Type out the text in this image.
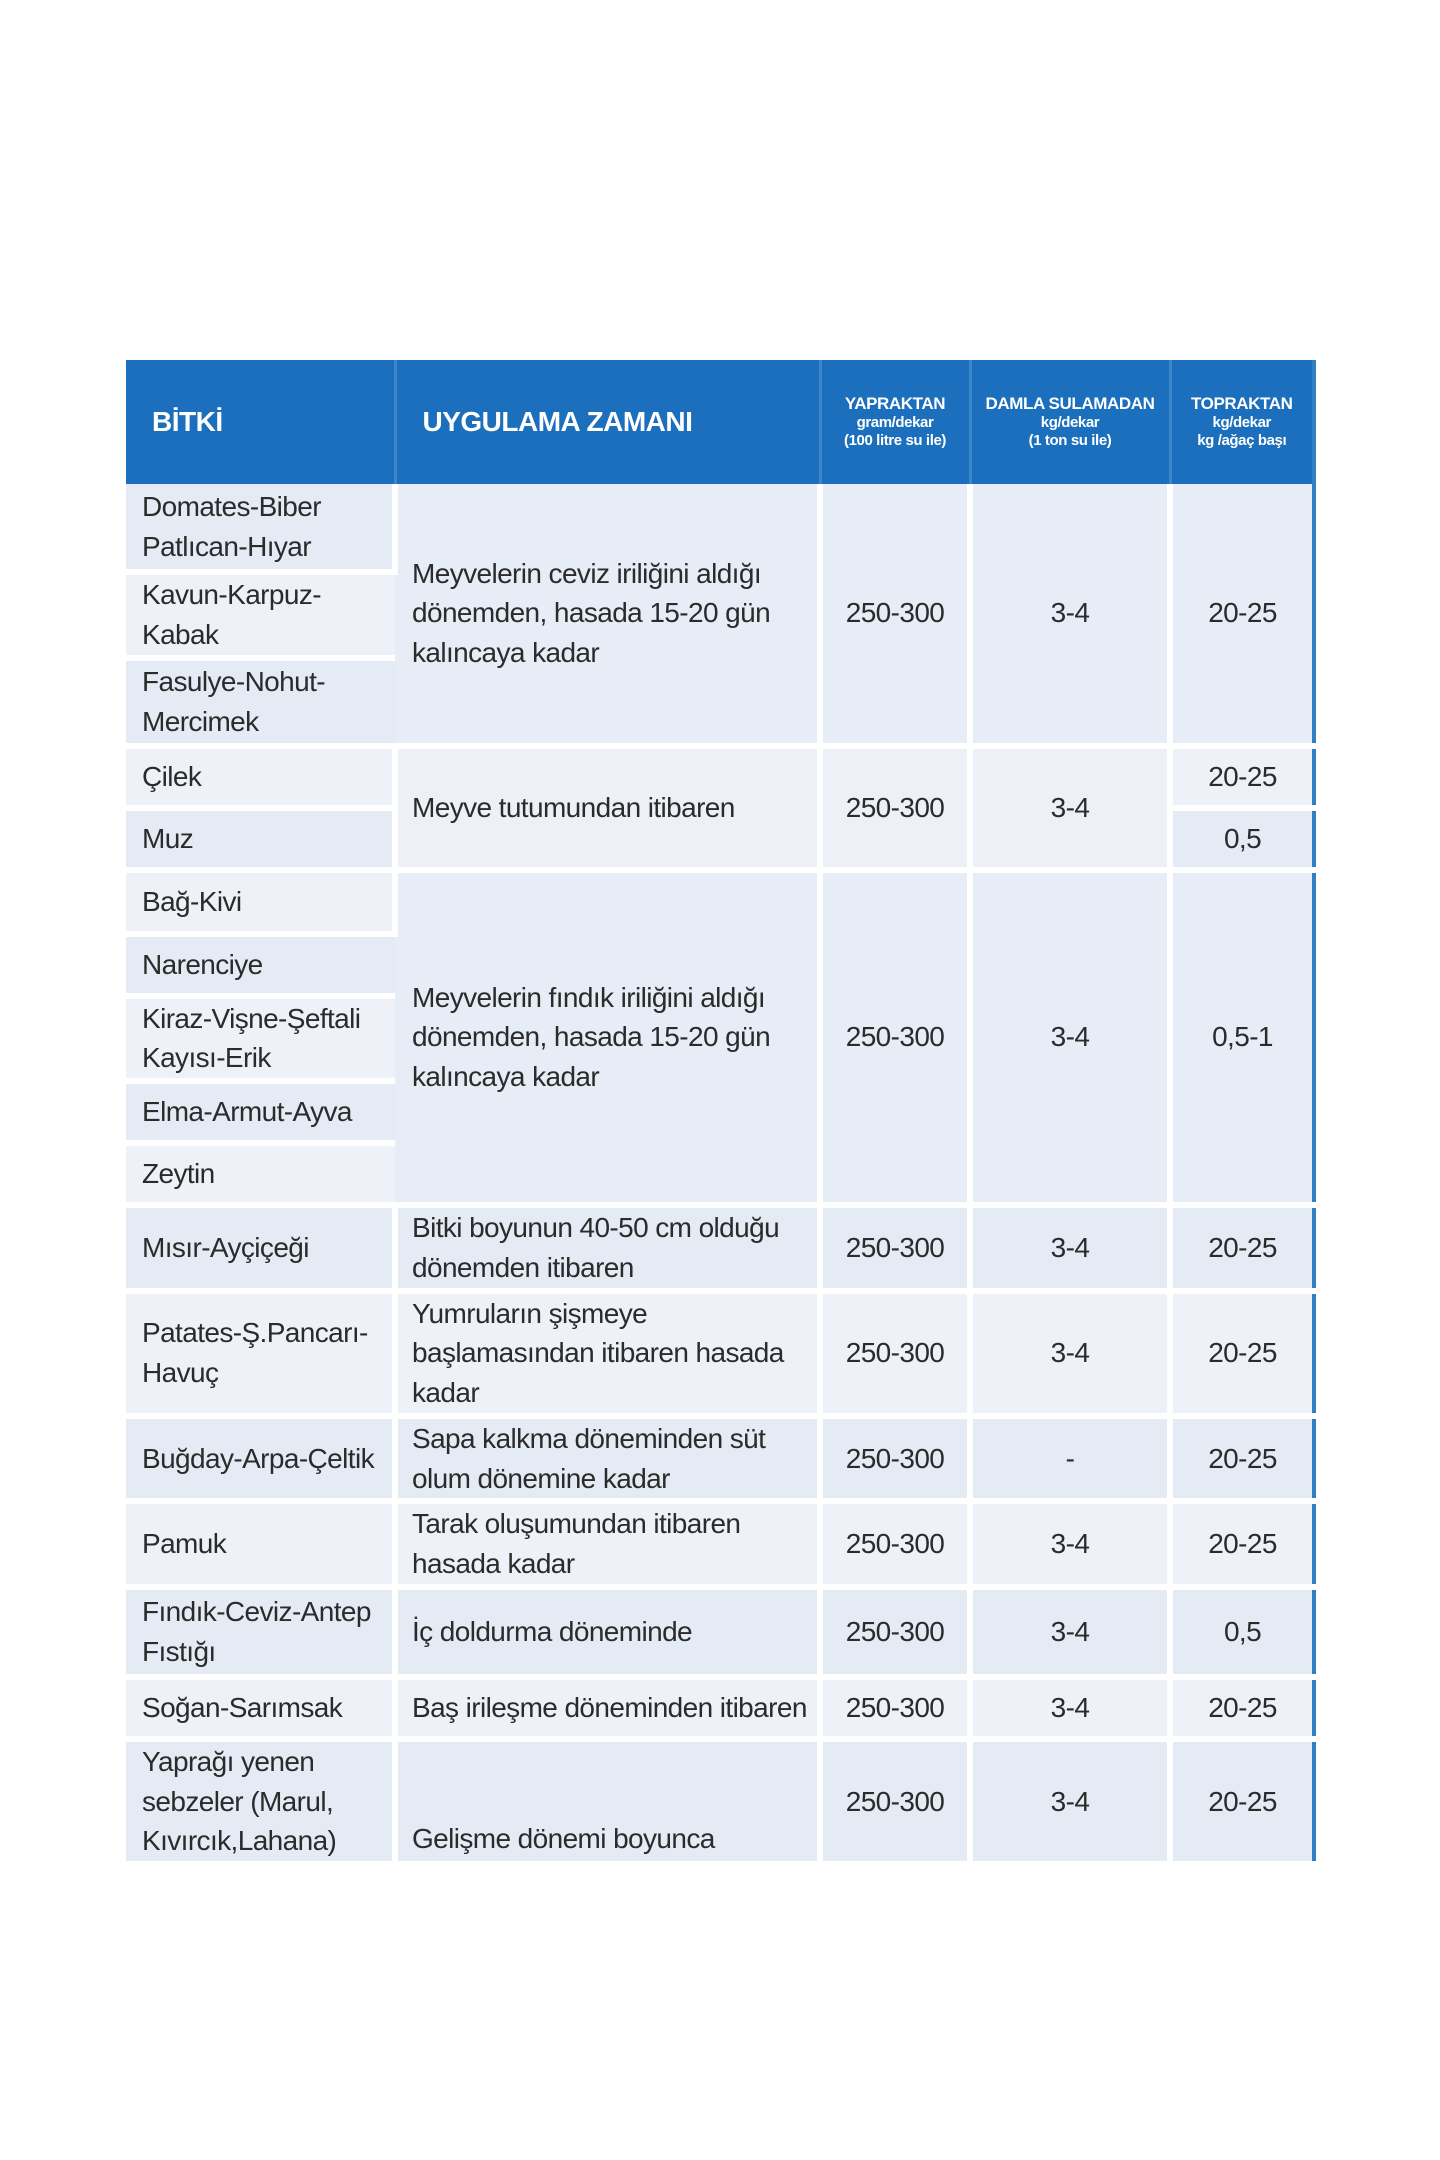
BİTKİ	UYGULAMA ZAMANI	YAPRAKTAN
gram/dekar
(100 litre su ile)	DAMLA SULAMADAN
kg/dekar
(1 ton su ile)	TOPRAKTAN
kg/dekar
kg /ağaç başı

Domates-Biber Patlıcan-Hıyar	Meyvelerin ceviz iriliğini aldığı dönemden, hasada 15-20 gün kalıncaya kadar	250-300	3-4	20-25
Kavun-Karpuz-Kabak				
Fasulye-Nohut-Mercimek				
Çilek	Meyve tutumundan itibaren	250-300	3-4	20-25
Muz				0,5
Bağ-Kivi	Meyvelerin fındık iriliğini aldığı dönemden, hasada 15-20 gün kalıncaya kadar	250-300	3-4	0,5-1
Narenciye				
Kiraz-Vişne-Şeftali Kayısı-Erik				
Elma-Armut-Ayva				
Zeytin				
Mısır-Ayçiçeği	Bitki boyunun 40-50 cm olduğu dönemden itibaren	250-300	3-4	20-25
Patates-Ş.Pancarı-Havuç	Yumruların şişmeye başlamasından itibaren hasada kadar	250-300	3-4	20-25
Buğday-Arpa-Çeltik	Sapa kalkma döneminden süt olum dönemine kadar	250-300	-	20-25
Pamuk	Tarak oluşumundan itibaren hasada kadar	250-300	3-4	20-25
Fındık-Ceviz-Antep Fıstığı	İç doldurma döneminde	250-300	3-4	0,5
Soğan-Sarımsak	Baş irileşme döneminden itibaren	250-300	3-4	20-25
Yaprağı yenen sebzeler (Marul, Kıvırcık,Lahana)	Gelişme dönemi boyunca	250-300	3-4	20-25
